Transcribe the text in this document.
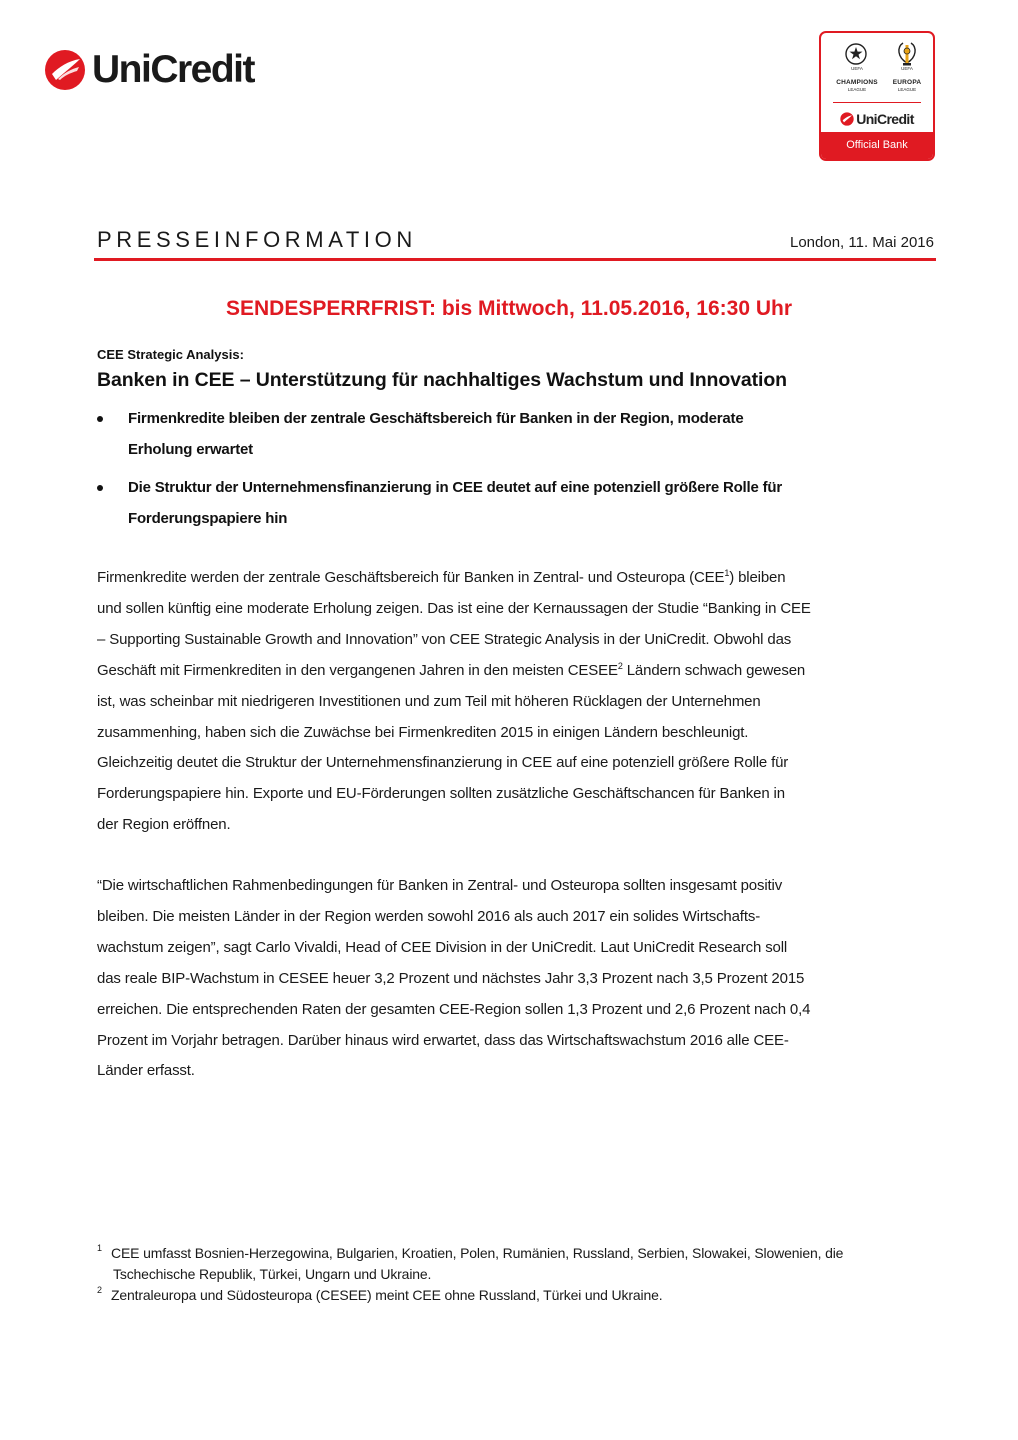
UniCredit	UEFA	UEFA
CHAMPIONS
LEAGUE
EUROPA
LEAGUE
UniCredit
Official Bank
PRESSEINFORMATION	London, 11. Mai 2016
SENDESPERRFRIST: bis Mittwoch, 11.05.2016, 16:30 Uhr
CEE Strategic Analysis:
Banken in CEE – Unterstützung für nachhaltiges Wachstum und Innovation
Firmenkredite bleiben der zentrale Geschäftsbereich für Banken in der Region, moderate
Erholung erwartet
Die Struktur der Unternehmensfinanzierung in CEE deutet auf eine potenziell größere Rolle für
Forderungspapiere hin

Firmenkredite werden der zentrale Geschäftsbereich für Banken in Zentral- und Osteuropa (CEE$^1$) bleiben
und sollen künftig eine moderate Erholung zeigen. Das ist eine der Kernaussagen der Studie “Banking in CEE
– Supporting Sustainable Growth and Innovation” von CEE Strategic Analysis in der UniCredit. Obwohl das
Geschäft mit Firmenkrediten in den vergangenen Jahren in den meisten CESEE$^2$ Ländern schwach gewesen
ist, was scheinbar mit niedrigeren Investitionen und zum Teil mit höheren Rücklagen der Unternehmen
zusammenhing, haben sich die Zuwächse bei Firmenkrediten 2015 in einigen Ländern beschleunigt.
Gleichzeitig deutet die Struktur der Unternehmensfinanzierung in CEE auf eine potenziell größere Rolle für
Forderungspapiere hin. Exporte und EU-Förderungen sollten zusätzliche Geschäftschancen für Banken in
der Region eröffnen.

“Die wirtschaftlichen Rahmenbedingungen für Banken in Zentral- und Osteuropa sollten insgesamt positiv
bleiben. Die meisten Länder in der Region werden sowohl 2016 als auch 2017 ein solides Wirtschafts-
wachstum zeigen”, sagt Carlo Vivaldi, Head of CEE Division in der UniCredit. Laut UniCredit Research soll
das reale BIP-Wachstum in CESEE heuer 3,2 Prozent und nächstes Jahr 3,3 Prozent nach 3,5 Prozent 2015
erreichen. Die entsprechenden Raten der gesamten CEE-Region sollen 1,3 Prozent und 2,6 Prozent nach 0,4
Prozent im Vorjahr betragen. Darüber hinaus wird erwartet, dass das Wirtschaftswachstum 2016 alle CEE-
Länder erfasst.

1 CEE umfasst Bosnien-Herzegowina, Bulgarien, Kroatien, Polen, Rumänien, Russland, Serbien, Slowakei, Slowenien, die
Tschechische Republik, Türkei, Ungarn und Ukraine.
2 Zentraleuropa und Südosteuropa (CESEE) meint CEE ohne Russland, Türkei und Ukraine.
